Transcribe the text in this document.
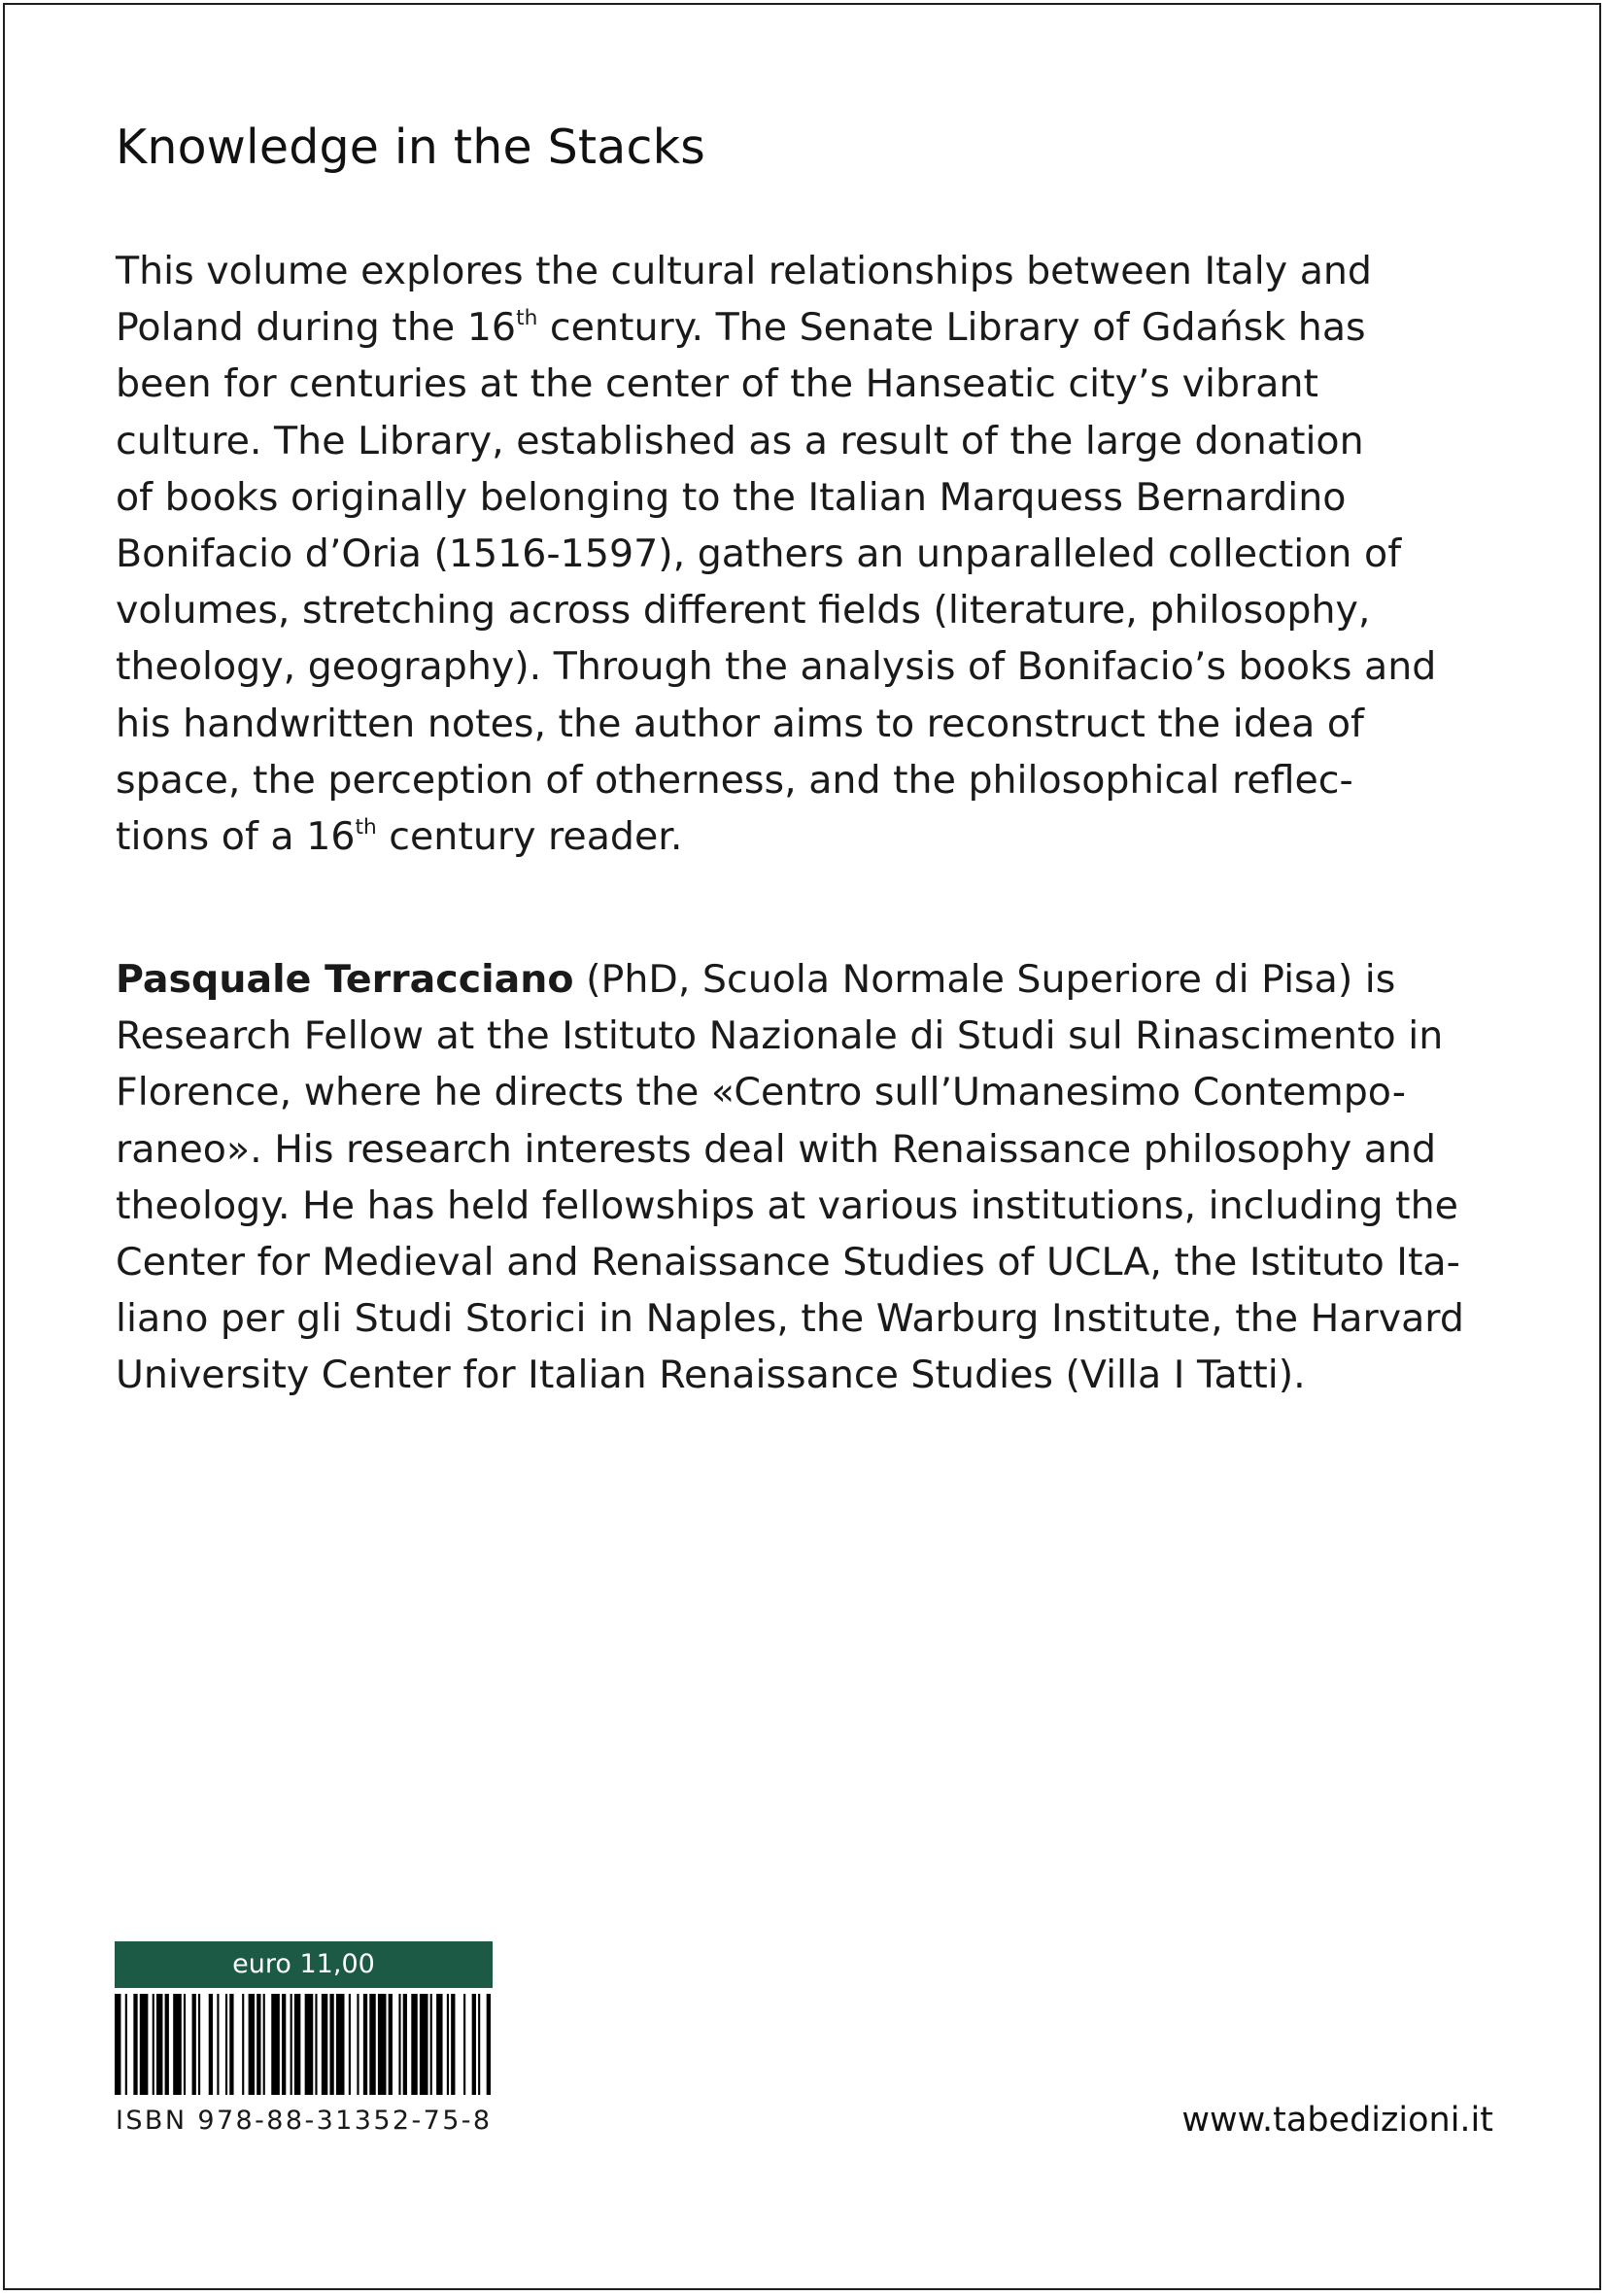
Knowledge in the Stacks
This volume explores the cultural relationships between Italy and
Poland during the 16th century. The Senate Library of Gdańsk has
been for centuries at the center of the Hanseatic city’s vibrant
culture. The Library, established as a result of the large donation
of books originally belonging to the Italian Marquess Bernardino
Bonifacio d’Oria (1516-1597), gathers an unparalleled collection of
volumes, stretching across different fields (literature, philosophy,
theology, geography). Through the analysis of Bonifacio’s books and
his handwritten notes, the author aims to reconstruct the idea of
space, the perception of otherness, and the philosophical reflec-
tions of a 16th century reader.
Pasquale Terracciano (PhD, Scuola Normale Superiore di Pisa) is
Research Fellow at the Istituto Nazionale di Studi sul Rinascimento in
Florence, where he directs the «Centro sull’Umanesimo Contempo-
raneo». His research interests deal with Renaissance philosophy and
theology. He has held fellowships at various institutions, including the
Center for Medieval and Renaissance Studies of UCLA, the Istituto Ita-
liano per gli Studi Storici in Naples, the Warburg Institute, the Harvard
University Center for Italian Renaissance Studies (Villa I Tatti).
euro 11,00
ISBN 978-88-31352-75-8	www.tabedizioni.it
